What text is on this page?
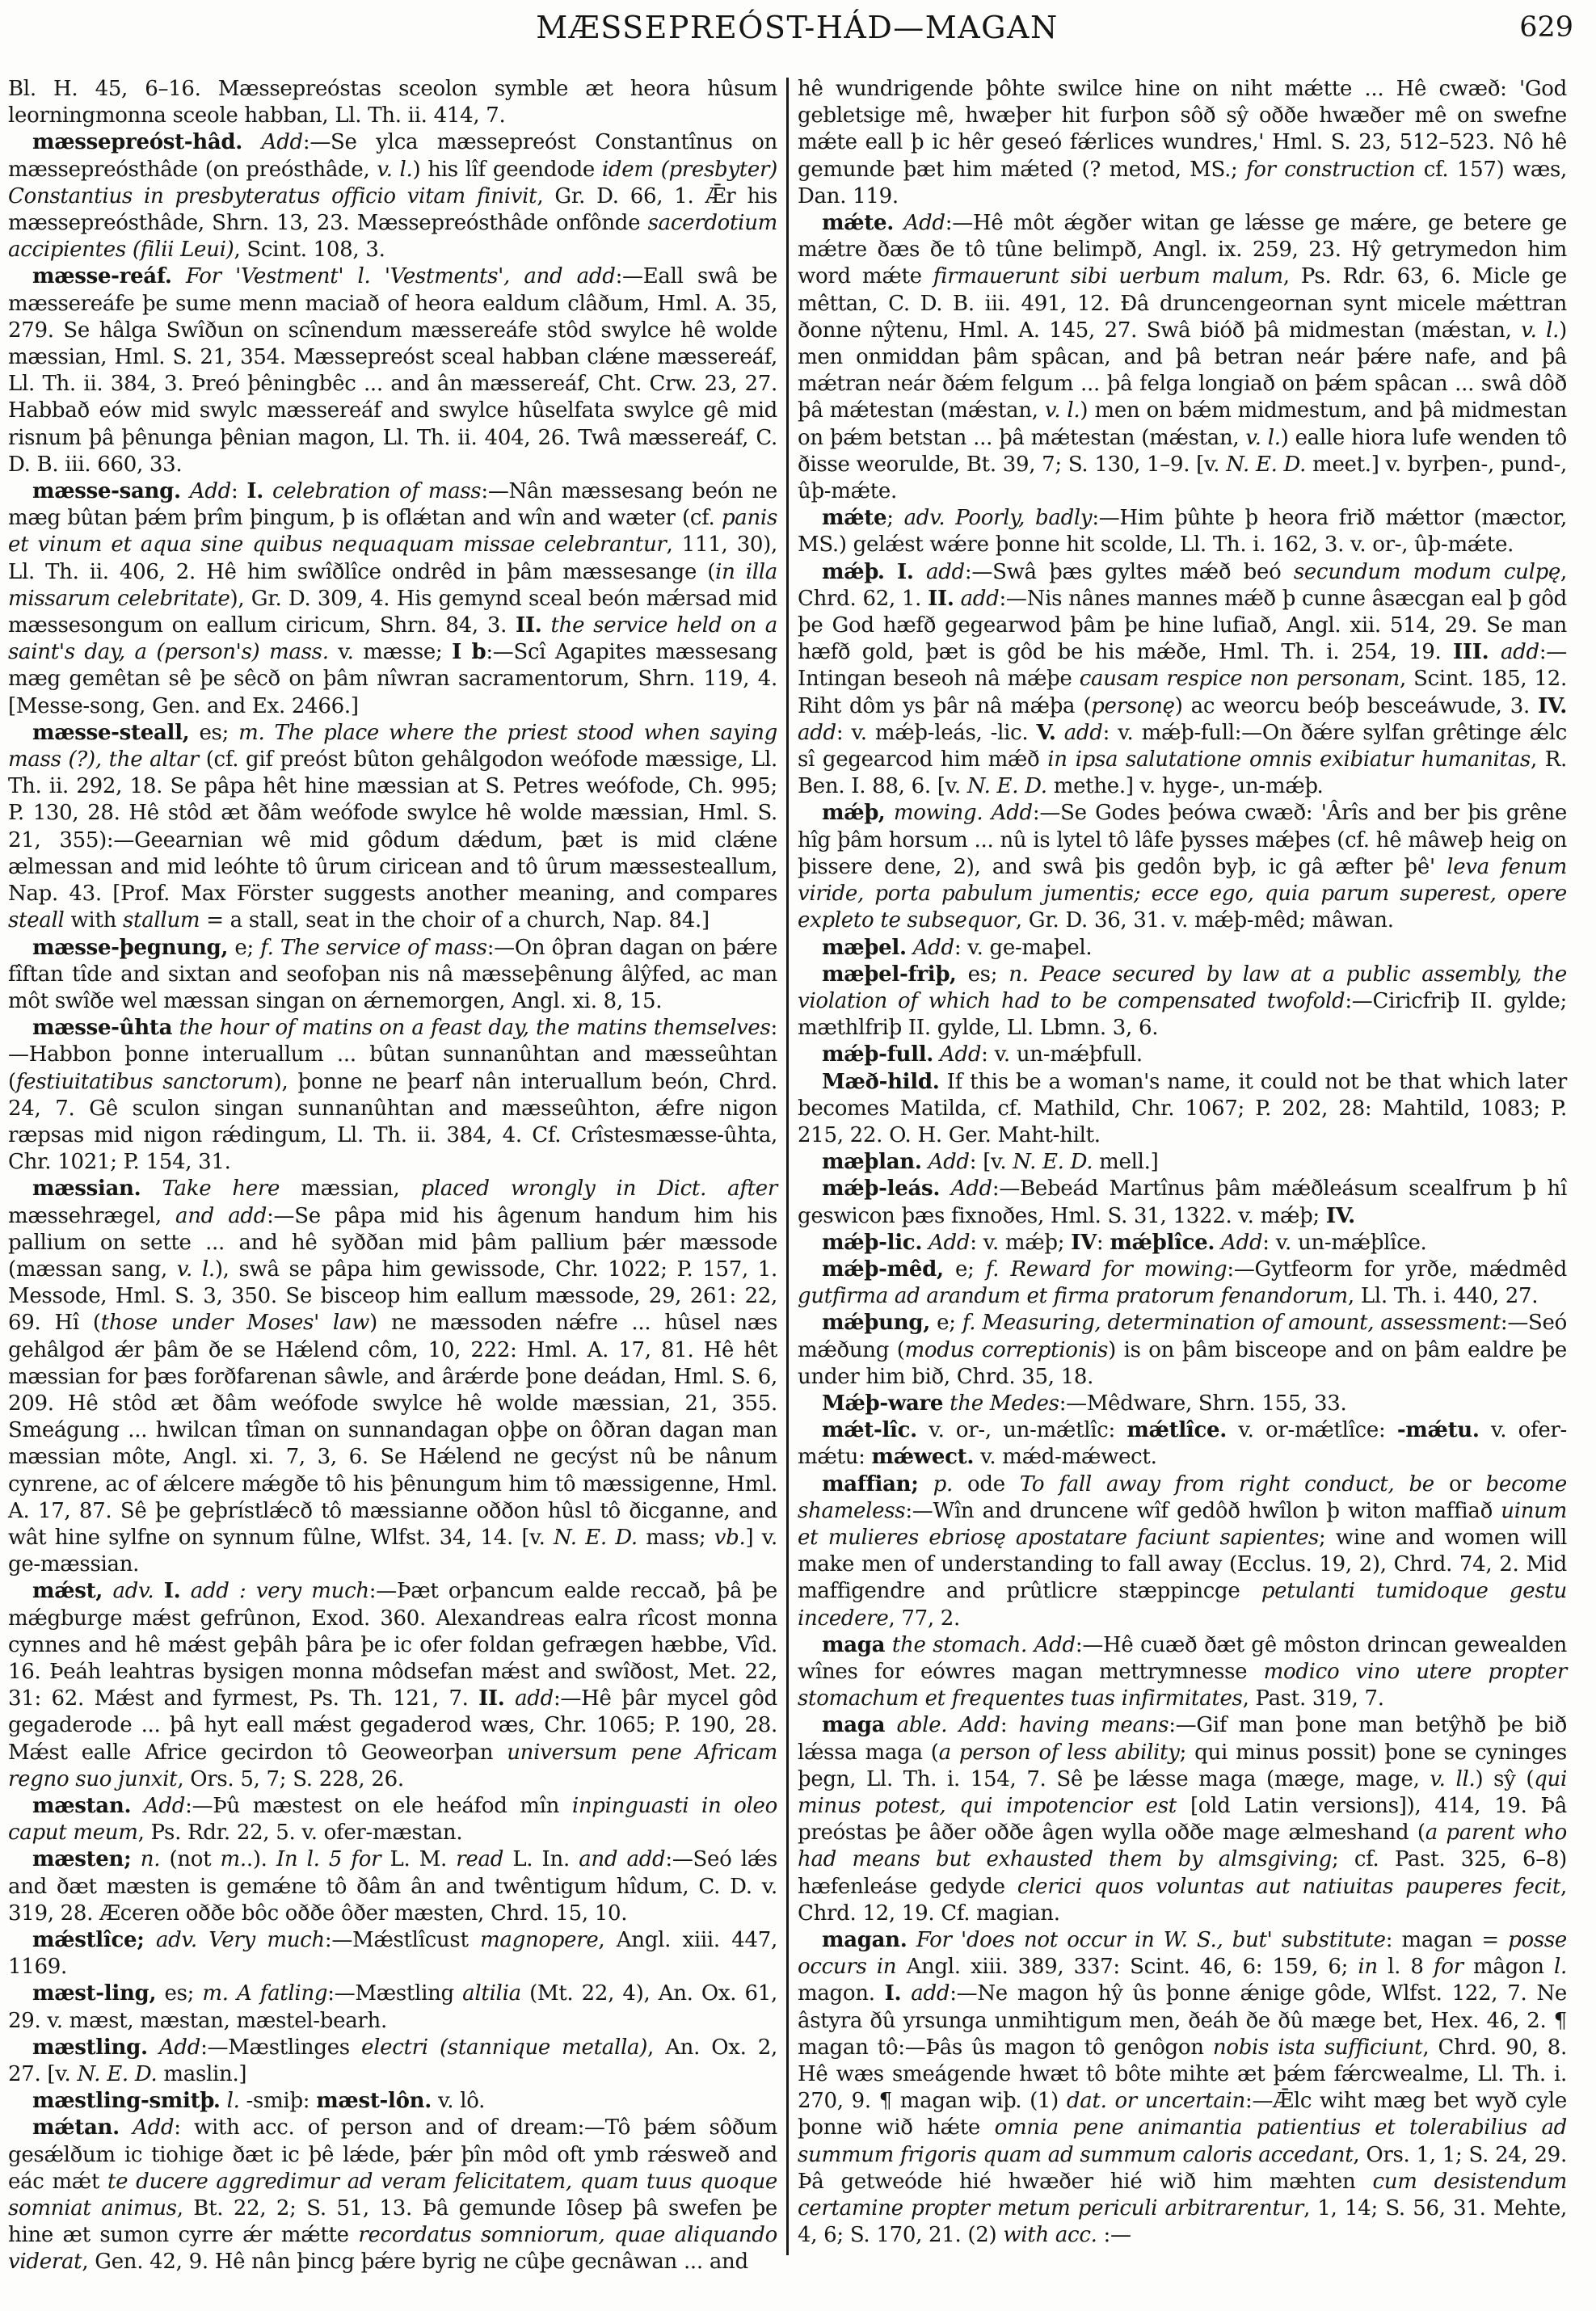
MÆSSEPREÓST-HÁD—MAGAN	629

Bl. H. 45, 6–16. Mæssepreóstas sceolon symble æt heora hûsum leorningmonna sceole habban, Ll. Th. ii. 414, 7.

mæssepreóst-hâd. Add:—Se ylca mæssepreóst Constantînus on mæssepreósthâde (on preósthâde, v. l.) his lîf geendode idem (presbyter) Constantius in presbyteratus officio vitam finivit, Gr. D. 66, 1. Ǣr his mæssepreósthâde, Shrn. 13, 23. Mæssepreósthâde onfônde sacerdotium accipientes (filii Leui), Scint. 108, 3.

mæsse-reáf. For 'Vestment' l. 'Vestments', and add:—Eall swâ be mæssereáfe þe sume menn maciað of heora ealdum clâðum, Hml. A. 35, 279. Se hâlga Swîðun on scînendum mæssereáfe stôd swylce hê wolde mæssian, Hml. S. 21, 354. Mæssepreóst sceal habban clǽne mæssereáf, Ll. Th. ii. 384, 3. Þreó þêningbêc ... and ân mæssereáf, Cht. Crw. 23, 27. Habbað eów mid swylc mæssereáf and swylce hûselfata swylce gê mid risnum þâ þênunga þênian magon, Ll. Th. ii. 404, 26. Twâ mæssereáf, C. D. B. iii. 660, 33.

mæsse-sang. Add: I. celebration of mass:—Nân mæssesang beón ne mæg bûtan þǽm þrîm þingum, þ is oflǽtan and wîn and wæter (cf. panis et vinum et aqua sine quibus nequaquam missae celebrantur, 111, 30), Ll. Th. ii. 406, 2. Hê him swîðlîce ondrêd in þâm mæssesange (in illa missarum celebritate), Gr. D. 309, 4. His gemynd sceal beón mǽrsad mid mæssesongum on eallum ciricum, Shrn. 84, 3. II. the service held on a saint's day, a (person's) mass. v. mæsse; I b:—Scî Agapites mæssesang mæg gemêtan sê þe sêcð on þâm nîwran sacramentorum, Shrn. 119, 4. [Messe-song, Gen. and Ex. 2466.]

mæsse-steall, es; m. The place where the priest stood when saying mass (?), the altar (cf. gif preóst bûton gehâlgodon weófode mæssige, Ll. Th. ii. 292, 18. Se pâpa hêt hine mæssian at S. Petres weófode, Ch. 995; P. 130, 28. Hê stôd æt ðâm weófode swylce hê wolde mæssian, Hml. S. 21, 355):—Geearnian wê mid gôdum dǽdum, þæt is mid clǽne ælmessan and mid leóhte tô ûrum ciricean and tô ûrum mæssesteallum, Nap. 43. [Prof. Max Förster suggests another meaning, and compares steall with stallum = a stall, seat in the choir of a church, Nap. 84.]

mæsse-þegnung, e; f. The service of mass:—On ôþran dagan on þǽre fîftan tîde and sixtan and seofoþan nis nâ mæsseþênung âlŷfed, ac man môt swîðe wel mæssan singan on ǽrnemorgen, Angl. xi. 8, 15.

mæsse-ûhta the hour of matins on a feast day, the matins themselves:—Habbon þonne interuallum ... bûtan sunnanûhtan and mæsseûhtan (festiuitatibus sanctorum), þonne ne þearf nân interuallum beón, Chrd. 24, 7. Gê sculon singan sunnanûhtan and mæsseûhton, ǽfre nigon ræpsas mid nigon rǽdingum, Ll. Th. ii. 384, 4. Cf. Crîstesmæsse-ûhta, Chr. 1021; P. 154, 31.

mæssian. Take here mæssian, placed wrongly in Dict. after mæssehrægel, and add:—Se pâpa mid his âgenum handum him his pallium on sette ... and hê syððan mid þâm pallium þǽr mæssode (mæssan sang, v. l.), swâ se pâpa him gewissode, Chr. 1022; P. 157, 1. Messode, Hml. S. 3, 350. Se bisceop him eallum mæssode, 29, 261: 22, 69. Hî (those under Moses' law) ne mæssoden nǽfre ... hûsel næs gehâlgod ǽr þâm ðe se Hǽlend côm, 10, 222: Hml. A. 17, 81. Hê hêt mæssian for þæs forðfarenan sâwle, and ârǽrde þone deádan, Hml. S. 6, 209. Hê stôd æt ðâm weófode swylce hê wolde mæssian, 21, 355. Smeágung ... hwilcan tîman on sunnandagan oþþe on ôðran dagan man mæssian môte, Angl. xi. 7, 3, 6. Se Hǽlend ne gecýst nû be nânum cynrene, ac of ǽlcere mǽgðe tô his þênungum him tô mæssigenne, Hml. A. 17, 87. Sê þe geþrístlǽcð tô mæssianne oððon hûsl tô ðicganne, and wât hine sylfne on synnum fûlne, Wlfst. 34, 14. [v. N. E. D. mass; vb.] v. ge-mæssian.

mǽst, adv. I. add : very much:—Þæt orþancum ealde reccað, þâ þe mǽgburge mǽst gefrûnon, Exod. 360. Alexandreas ealra rîcost monna cynnes and hê mǽst geþâh þâra þe ic ofer foldan gefrægen hæbbe, Vîd. 16. Þeáh leahtras bysigen monna môdsefan mǽst and swîðost, Met. 22, 31: 62. Mǽst and fyrmest, Ps. Th. 121, 7. II. add:—Hê þâr mycel gôd gegaderode ... þâ hyt eall mǽst gegaderod wæs, Chr. 1065; P. 190, 28. Mǽst ealle Africe gecirdon tô Geoweorþan universum pene Africam regno suo junxit, Ors. 5, 7; S. 228, 26.

mæstan. Add:—Þû mæstest on ele heáfod mîn inpinguasti in oleo caput meum, Ps. Rdr. 22, 5. v. ofer-mæstan.

mæsten; n. (not m..). In l. 5 for L. M. read L. In. and add:—Seó lǽs and ðæt mæsten is gemǽne tô ðâm ân and twêntigum hîdum, C. D. v. 319, 28. Æceren oððe bôc oððe ôðer mæsten, Chrd. 15, 10.

mǽstlîce; adv. Very much:—Mǽstlîcust magnopere, Angl. xiii. 447, 1169.

mæst-ling, es; m. A fatling:—Mæstling altilia (Mt. 22, 4), An. Ox. 61, 29. v. mæst, mæstan, mæstel-bearh.

mæstling. Add:—Mæstlinges electri (stannique metalla), An. Ox. 2, 27. [v. N. E. D. maslin.]

mæstling-smitþ. l. -smiþ: mæst-lôn. v. lô.

mǽtan. Add: with acc. of person and of dream:—Tô þǽm sôðum gesǽlðum ic tiohige ðæt ic þê lǽde, þǽr þîn môd oft ymb rǽsweð and eác mǽt te ducere aggredimur ad veram felicitatem, quam tuus quoque somniat animus, Bt. 22, 2; S. 51, 13. Þâ gemunde Iôsep þâ swefen þe hine æt sumon cyrre ǽr mǽtte recordatus somniorum, quae aliquando viderat, Gen. 42, 9. Hê nân þincg þǽre byrig ne cûþe gecnâwan ... and

hê wundrigende þôhte swilce hine on niht mǽtte ... Hê cwæð: 'God gebletsige mê, hwæþer hit furþon sôð sŷ oððe hwæðer mê on swefne mǽte eall þ ic hêr geseó fǽrlices wundres,' Hml. S. 23, 512–523. Nô hê gemunde þæt him mǽted (? metod, MS.; for construction cf. 157) wæs, Dan. 119.

mǽte. Add:—Hê môt ǽgðer witan ge lǽsse ge mǽre, ge betere ge mǽtre ðæs ðe tô tûne belimpð, Angl. ix. 259, 23. Hŷ getrymedon him word mǽte firmauerunt sibi uerbum malum, Ps. Rdr. 63, 6. Micle ge mêttan, C. D. B. iii. 491, 12. Ðâ druncengeornan synt micele mǽttran ðonne nŷtenu, Hml. A. 145, 27. Swâ bióð þâ midmestan (mǽstan, v. l.) men onmiddan þâm spâcan, and þâ betran neár þǽre nafe, and þâ mǽtran neár ðǽm felgum ... þâ felga longiað on þǽm spâcan ... swâ dôð þâ mǽtestan (mǽstan, v. l.) men on bǽm midmestum, and þâ midmestan on þǽm betstan ... þâ mǽtestan (mǽstan, v. l.) ealle hiora lufe wenden tô ðisse weorulde, Bt. 39, 7; S. 130, 1–9. [v. N. E. D. meet.] v. byrþen-, pund-, ûþ-mǽte.

mǽte; adv. Poorly, badly:—Him þûhte þ heora frið mǽttor (mæctor, MS.) gelǽst wǽre þonne hit scolde, Ll. Th. i. 162, 3. v. or-, ûþ-mǽte.

mǽþ. I. add:—Swâ þæs gyltes mǽð beó secundum modum culpę, Chrd. 62, 1. II. add:—Nis nânes mannes mǽð þ cunne âsæcgan eal þ gôd þe God hæfð gegearwod þâm þe hine lufiað, Angl. xii. 514, 29. Se man hæfð gold, þæt is gôd be his mǽðe, Hml. Th. i. 254, 19. III. add:—Intingan beseoh nâ mǽþe causam respice non personam, Scint. 185, 12. Riht dôm ys þâr nâ mǽþa (personę) ac weorcu beóþ besceáwude, 3. IV. add: v. mǽþ-leás, -lic. V. add: v. mǽþ-full:—On ðǽre sylfan grêtinge ǽlc sî gegearcod him mǽð in ipsa salutatione omnis exibiatur humanitas, R. Ben. I. 88, 6. [v. N. E. D. methe.] v. hyge-, un-mǽþ.

mǽþ, mowing. Add:—Se Godes þeówa cwæð: 'Ârîs and ber þis grêne hîg þâm horsum ... nû is lytel tô lâfe þysses mǽþes (cf. hê mâweþ heig on þissere dene, 2), and swâ þis gedôn byþ, ic gâ æfter þê' leva fenum viride, porta pabulum jumentis; ecce ego, quia parum superest, opere expleto te subsequor, Gr. D. 36, 31. v. mǽþ-mêd; mâwan.

mæþel. Add: v. ge-maþel.

mæþel-friþ, es; n. Peace secured by law at a public assembly, the violation of which had to be compensated twofold:—Ciricfriþ II. gylde; mæthlfriþ II. gylde, Ll. Lbmn. 3, 6.

mǽþ-full. Add: v. un-mǽþfull.

Mæð-hild. If this be a woman's name, it could not be that which later becomes Matilda, cf. Mathild, Chr. 1067; P. 202, 28: Mahtild, 1083; P. 215, 22. O. H. Ger. Maht-hilt.

mæþlan. Add: [v. N. E. D. mell.]

mǽþ-leás. Add:—Bebeád Martînus þâm mǽðleásum scealfrum þ hî geswicon þæs fixnoðes, Hml. S. 31, 1322. v. mǽþ; IV.

mǽþ-lic. Add: v. mǽþ; IV: mǽþlîce. Add: v. un-mǽþlîce.

mǽþ-mêd, e; f. Reward for mowing:—Gytfeorm for yrðe, mǽdmêd gutfirma ad arandum et firma pratorum fenandorum, Ll. Th. i. 440, 27.

mǽþung, e; f. Measuring, determination of amount, assessment:—Seó mǽðung (modus correptionis) is on þâm bisceope and on þâm ealdre þe under him bið, Chrd. 35, 18.

Mǽþ-ware the Medes:—Mêdware, Shrn. 155, 33.

mǽt-lîc. v. or-, un-mǽtlîc: mǽtlîce. v. or-mǽtlîce: -mǽtu. v. ofer-mǽtu: mǽwect. v. mǽd-mǽwect.

maffian; p. ode To fall away from right conduct, be or become shameless:—Wîn and druncene wîf gedôð hwîlon þ witon maffiað uinum et mulieres ebriosę apostatare faciunt sapientes; wine and women will make men of understanding to fall away (Ecclus. 19, 2), Chrd. 74, 2. Mid maffigendre and prûtlicre stæppincge petulanti tumidoque gestu incedere, 77, 2.

maga the stomach. Add:—Hê cuæð ðæt gê môston drincan gewealden wînes for eówres magan mettrymnesse modico vino utere propter stomachum et frequentes tuas infirmitates, Past. 319, 7.

maga able. Add: having means:—Gif man þone man betŷhð þe bið lǽssa maga (a person of less ability; qui minus possit) þone se cyninges þegn, Ll. Th. i. 154, 7. Sê þe lǽsse maga (mæge, mage, v. ll.) sŷ (qui minus potest, qui impotencior est [old Latin versions]), 414, 19. Þâ preóstas þe âðer oððe âgen wylla oððe mage ælmeshand (a parent who had means but exhausted them by almsgiving; cf. Past. 325, 6–8) hæfenleáse gedyde clerici quos voluntas aut natiuitas pauperes fecit, Chrd. 12, 19. Cf. magian.

magan. For 'does not occur in W. S., but' substitute: magan = posse occurs in Angl. xiii. 389, 337: Scint. 46, 6: 159, 6; in l. 8 for mâgon l. magon. I. add:—Ne magon hŷ ûs þonne ǽnige gôde, Wlfst. 122, 7. Ne âstyra ðû yrsunga unmihtigum men, ðeáh ðe ðû mæge bet, Hex. 46, 2. ¶ magan tô:—Þâs ûs magon tô genôgon nobis ista sufficiunt, Chrd. 90, 8. Hê wæs smeágende hwæt tô bôte mihte æt þǽm fǽrcwealme, Ll. Th. i. 270, 9. ¶ magan wiþ. (1) dat. or uncertain:—Ǣlc wiht mæg bet wyð cyle þonne wið hǽte omnia pene animantia patientius et tolerabilius ad summum frigoris quam ad summum caloris accedant, Ors. 1, 1; S. 24, 29. Þâ getweóde hié hwæðer hié wið him mæhten cum desistendum certamine propter metum periculi arbitrarentur, 1, 14; S. 56, 31. Mehte, 4, 6; S. 170, 21. (2) with acc. :—
